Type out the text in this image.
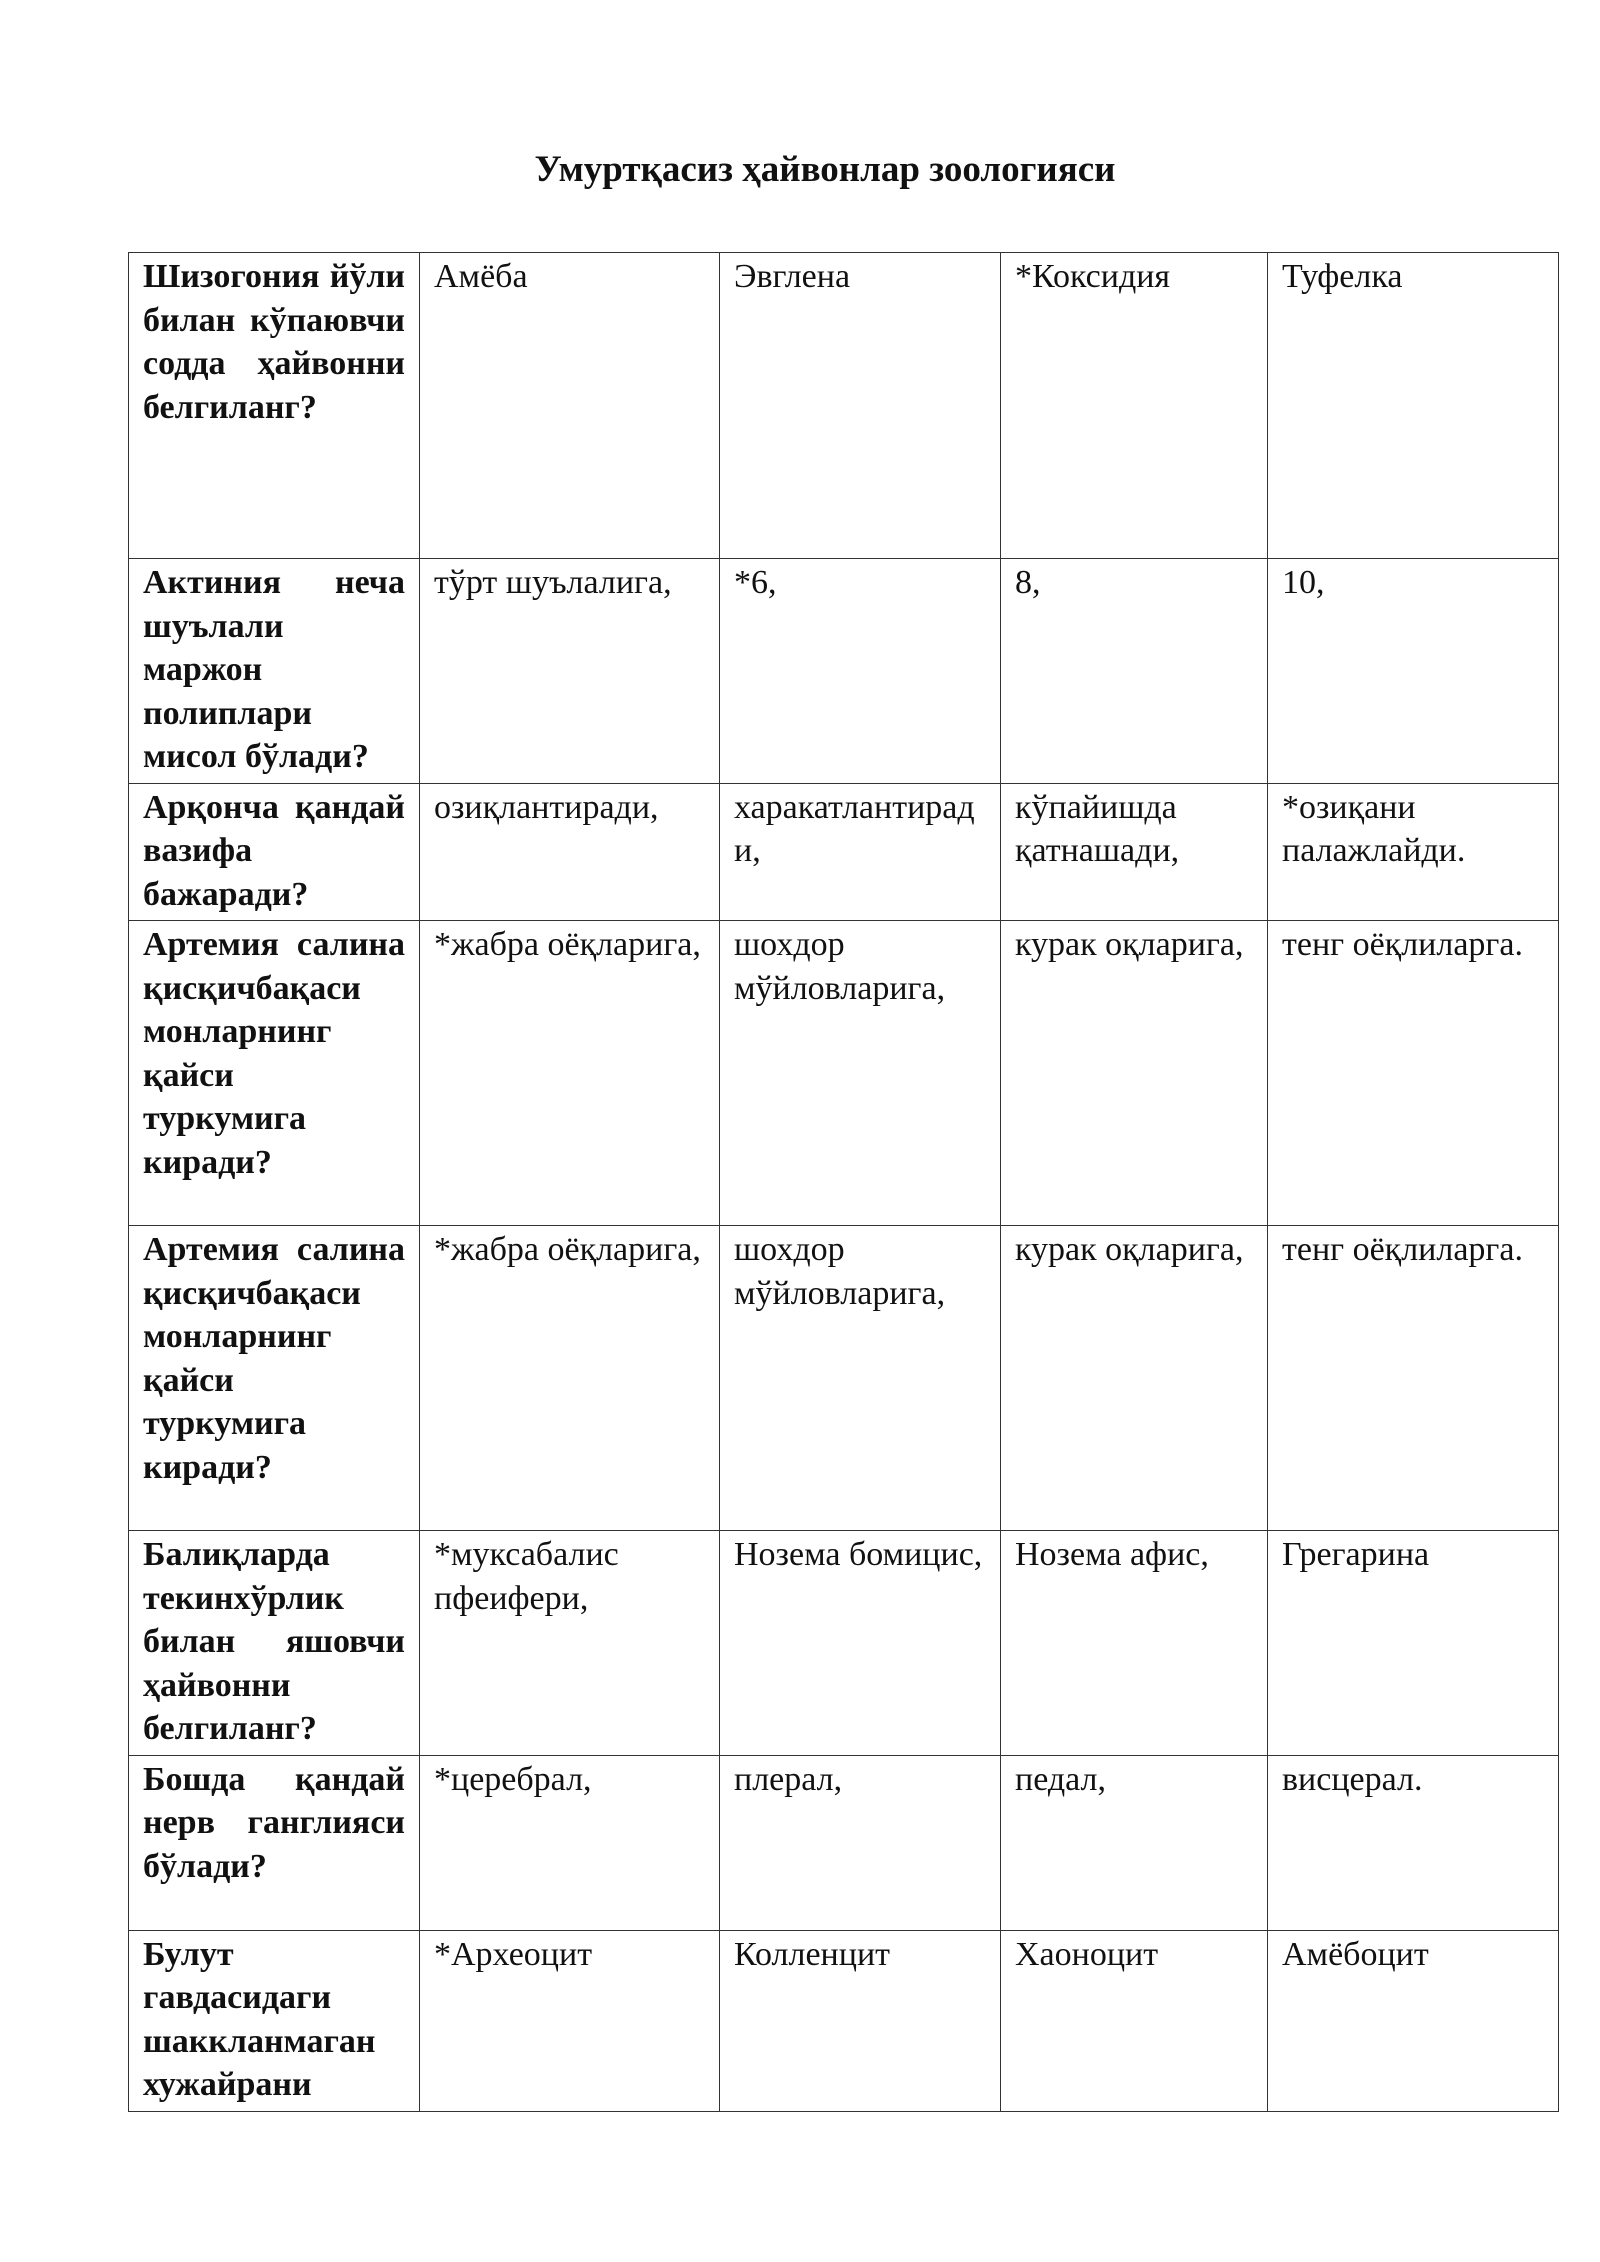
Умуртқасиз ҳайвонлар зоологияси
Шизогония йўли билан кўпаювчи содда ҳайвонни белгиланг?	Амёба	Эвглена	*Коксидия	Туфелка
Актиния неча шуълали маржон полиплари мисол бўлади?	тўрт шуълалига,	*6,	8,	10,
Арқонча қандай вазифа бажаради?	озиқлантиради,	харакатлантиради,	кўпайишда қатнашади,	*озиқани палажлайди.
Артемия салина қисқичбақаси монларнинг қайси туркумига киради?	*жабра оёқларига,	шохдор мўйловларига,	курак оқларига,	тенг оёқлиларга.
Артемия салина қисқичбақаси монларнинг қайси туркумига киради?	*жабра оёқларига,	шохдор мўйловларига,	курак оқларига,	тенг оёқлиларга.
Балиқларда текинхўрлик билан яшовчи ҳайвонни белгиланг?	*муксабалис пфеифери,	Нозема бомицис,	Нозема афис,	Грегарина
Бошда қандай нерв ганглияси бўлади?	*церебрал,	плерал,	педал,	висцерал.
Булут гавдасидаги шаккланмаган хужайрани	*Археоцит	Колленцит	Хаоноцит	Амёбоцит
